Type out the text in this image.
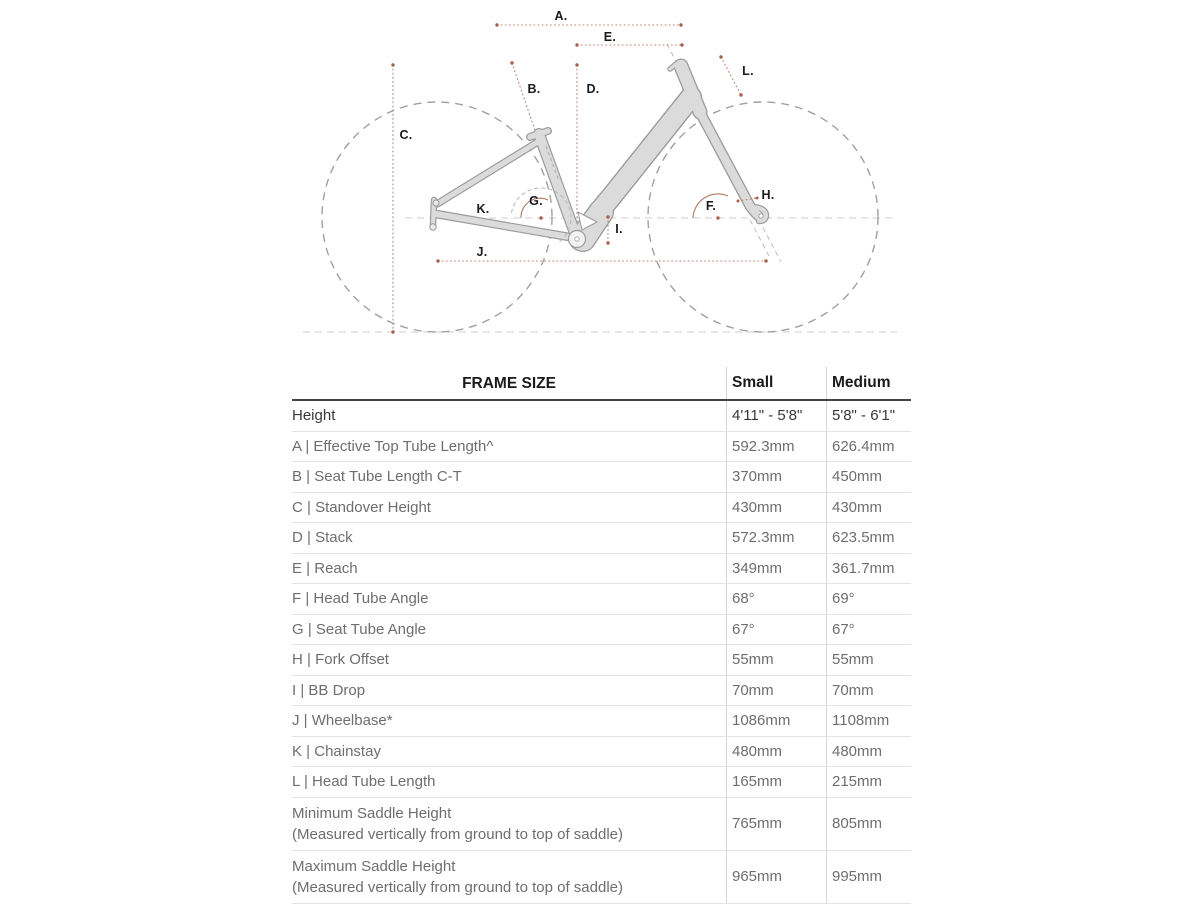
A.
E.
B.	D.
L.
C.
K.
G.	F.
H.
I.
J.
FRAME SIZE	Small	Medium
Height	4'11" - 5'8"	5'8" - 6'1"
A | Effective Top Tube Length^	592.3mm	626.4mm
B | Seat Tube Length C-T	370mm	450mm
C | Standover Height	430mm	430mm
D | Stack	572.3mm	623.5mm
E | Reach	349mm	361.7mm
F | Head Tube Angle	68°	69°
G | Seat Tube Angle	67°	67°
H | Fork Offset	55mm	55mm
I | BB Drop	70mm	70mm
J | Wheelbase*	1086mm	1108mm
K | Chainstay	480mm	480mm
L | Head Tube Length	165mm	215mm
Minimum Saddle Height
(Measured vertically from ground to top of saddle)
765mm	805mm
Maximum Saddle Height
(Measured vertically from ground to top of saddle)
965mm	995mm
